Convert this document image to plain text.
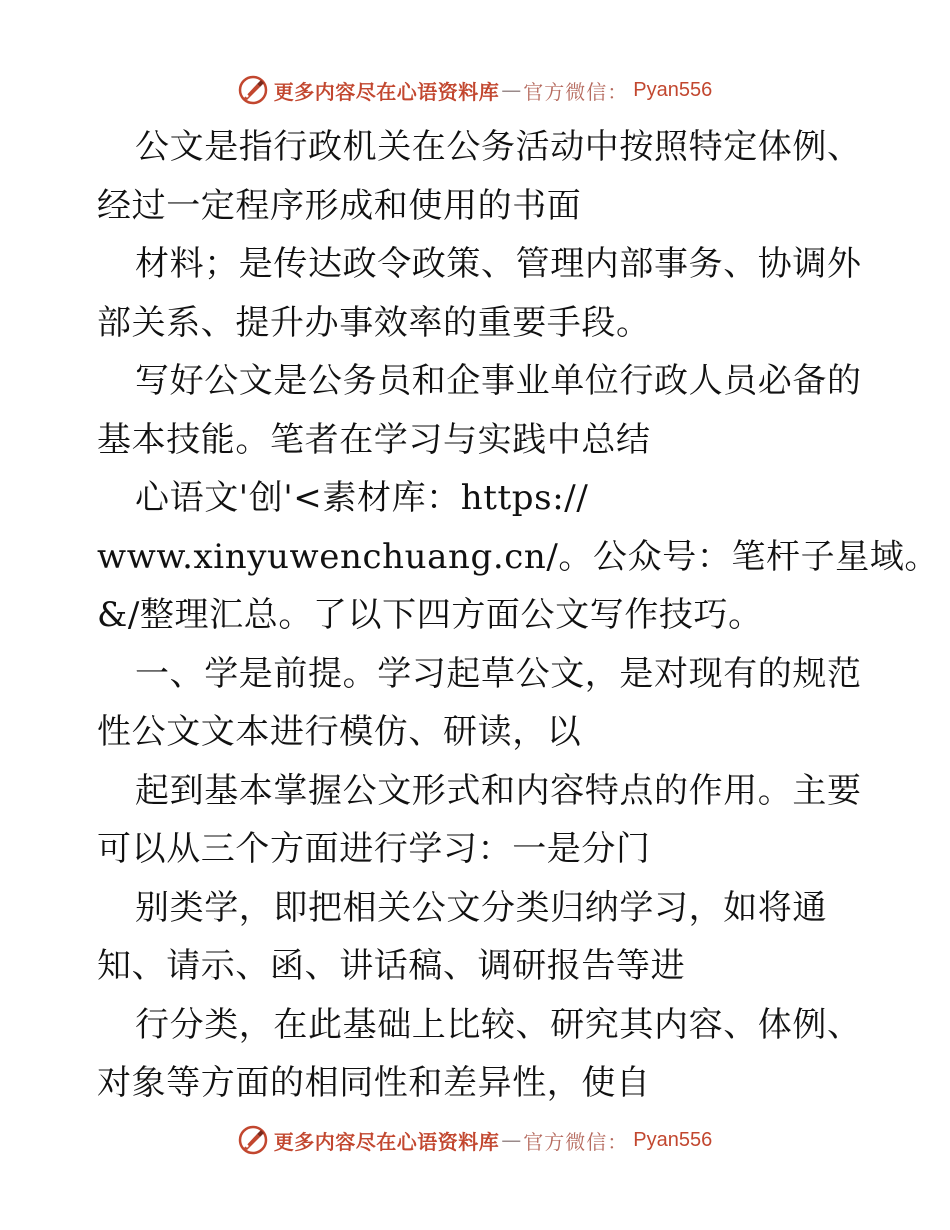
更多内容尽在心语资料库 — 官方微信 ： Pyan556
公文是指行政机关在公务活动中按照特定体例、
经过一定程序形成和使用的书面
材料；是传达政令政策、管理内部事务、协调外
部关系、提升办事效率的重要手段。
写好公文是公务员和企事业单位行政人员必备的
基本技能。笔者在学习与实践中总结
心语文'创'<素材库：https://
www.xinyuwenchuang.cn/。公众号：笔杆子星域。
&/整理汇总。了以下四方面公文写作技巧。
一、学是前提。学习起草公文，是对现有的规范
性公文文本进行模仿、研读，以
起到基本掌握公文形式和内容特点的作用。主要
可以从三个方面进行学习：一是分门
别类学，即把相关公文分类归纳学习，如将通
知、请示、函、讲话稿、调研报告等进
行分类，在此基础上比较、研究其内容、体例、
对象等方面的相同性和差异性，使自
更多内容尽在心语资料库 — 官方微信 ： Pyan556
